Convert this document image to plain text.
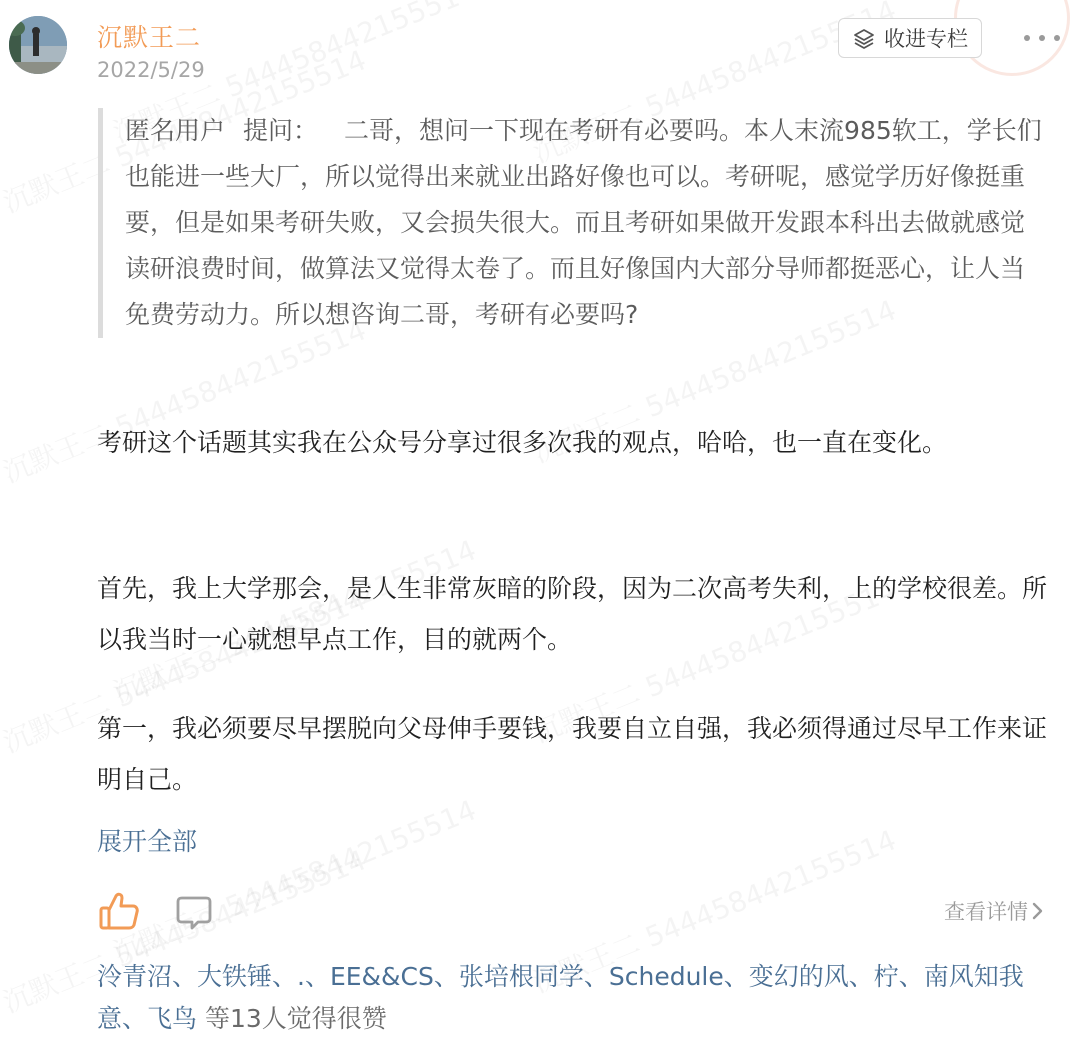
沉默王二
2022/5/29
收进专栏
匿名用户 提问： 二哥，想问一下现在考研有必要吗。本人末流985软工，学长们也能进一些大厂，所以觉得出来就业出路好像也可以。考研呢，感觉学历好像挺重要，但是如果考研失败，又会损失很大。而且考研如果做开发跟本科出去做就感觉读研浪费时间，做算法又觉得太卷了。而且好像国内大部分导师都挺恶心，让人当免费劳动力。所以想咨询二哥，考研有必要吗?
考研这个话题其实我在公众号分享过很多次我的观点，哈哈，也一直在变化。
首先，我上大学那会，是人生非常灰暗的阶段，因为二次高考失利，上的学校很差。所以我当时一心就想早点工作，目的就两个。
第一，我必须要尽早摆脱向父母伸手要钱，我要自立自强，我必须得通过尽早工作来证明自己。
展开全部
查看详情
泠青沼、大铁锤、.、EE&&CS、张培根同学、Schedule、变幻的风、柠、南风知我意、飞鸟 等13人觉得很赞
